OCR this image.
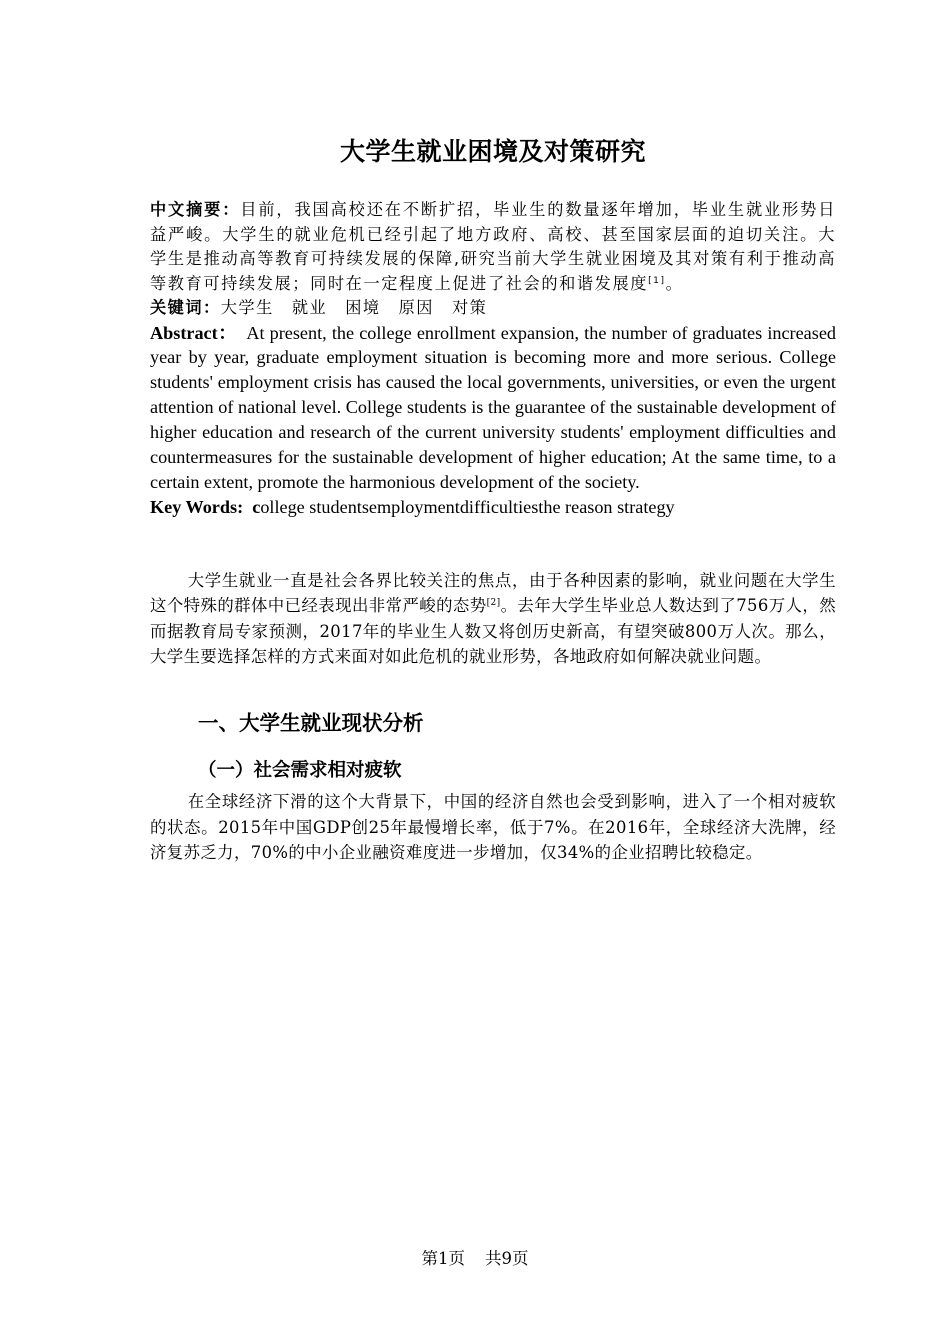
大学生就业困境及对策研究

中文摘要：目前，我国高校还在不断扩招，毕业生的数量逐年增加，毕业生就业形势日益严峻。大学生的就业危机已经引起了地方政府、高校、甚至国家层面的迫切关注。大学生是推动高等教育可持续发展的保障,研究当前大学生就业困境及其对策有利于推动高等教育可持续发展；同时在一定程度上促进了社会的和谐发展度[1]。

关键词：大学生 就业 困境 原因 对策

Abstract： At present, the college enrollment expansion, the number of graduates increased year by year, graduate employment situation is becoming more and more serious. College students' employment crisis has caused the local governments, universities, or even the urgent attention of national level. College students is the guarantee of the sustainable development of higher education and research of the current university students' employment difficulties and countermeasures for the sustainable development of higher education; At the same time, to a certain extent, promote the harmonious development of the society.

Key Words: college studentsemploymentdifficultiesthe reason strategy

大学生就业一直是社会各界比较关注的焦点，由于各种因素的影响，就业问题在大学生这个特殊的群体中已经表现出非常严峻的态势[2]。去年大学生毕业总人数达到了756万人，然而据教育局专家预测，2017年的毕业生人数又将创历史新高，有望突破800万人次。那么，大学生要选择怎样的方式来面对如此危机的就业形势，各地政府如何解决就业问题。

一、大学生就业现状分析
（一）社会需求相对疲软

在全球经济下滑的这个大背景下，中国的经济自然也会受到影响，进入了一个相对疲软的状态。2015年中国GDP创25年最慢增长率，低于7%。在2016年，全球经济大洗牌，经济复苏乏力，70%的中小企业融资难度进一步增加，仅34%的企业招聘比较稳定。

第1页 共9页
